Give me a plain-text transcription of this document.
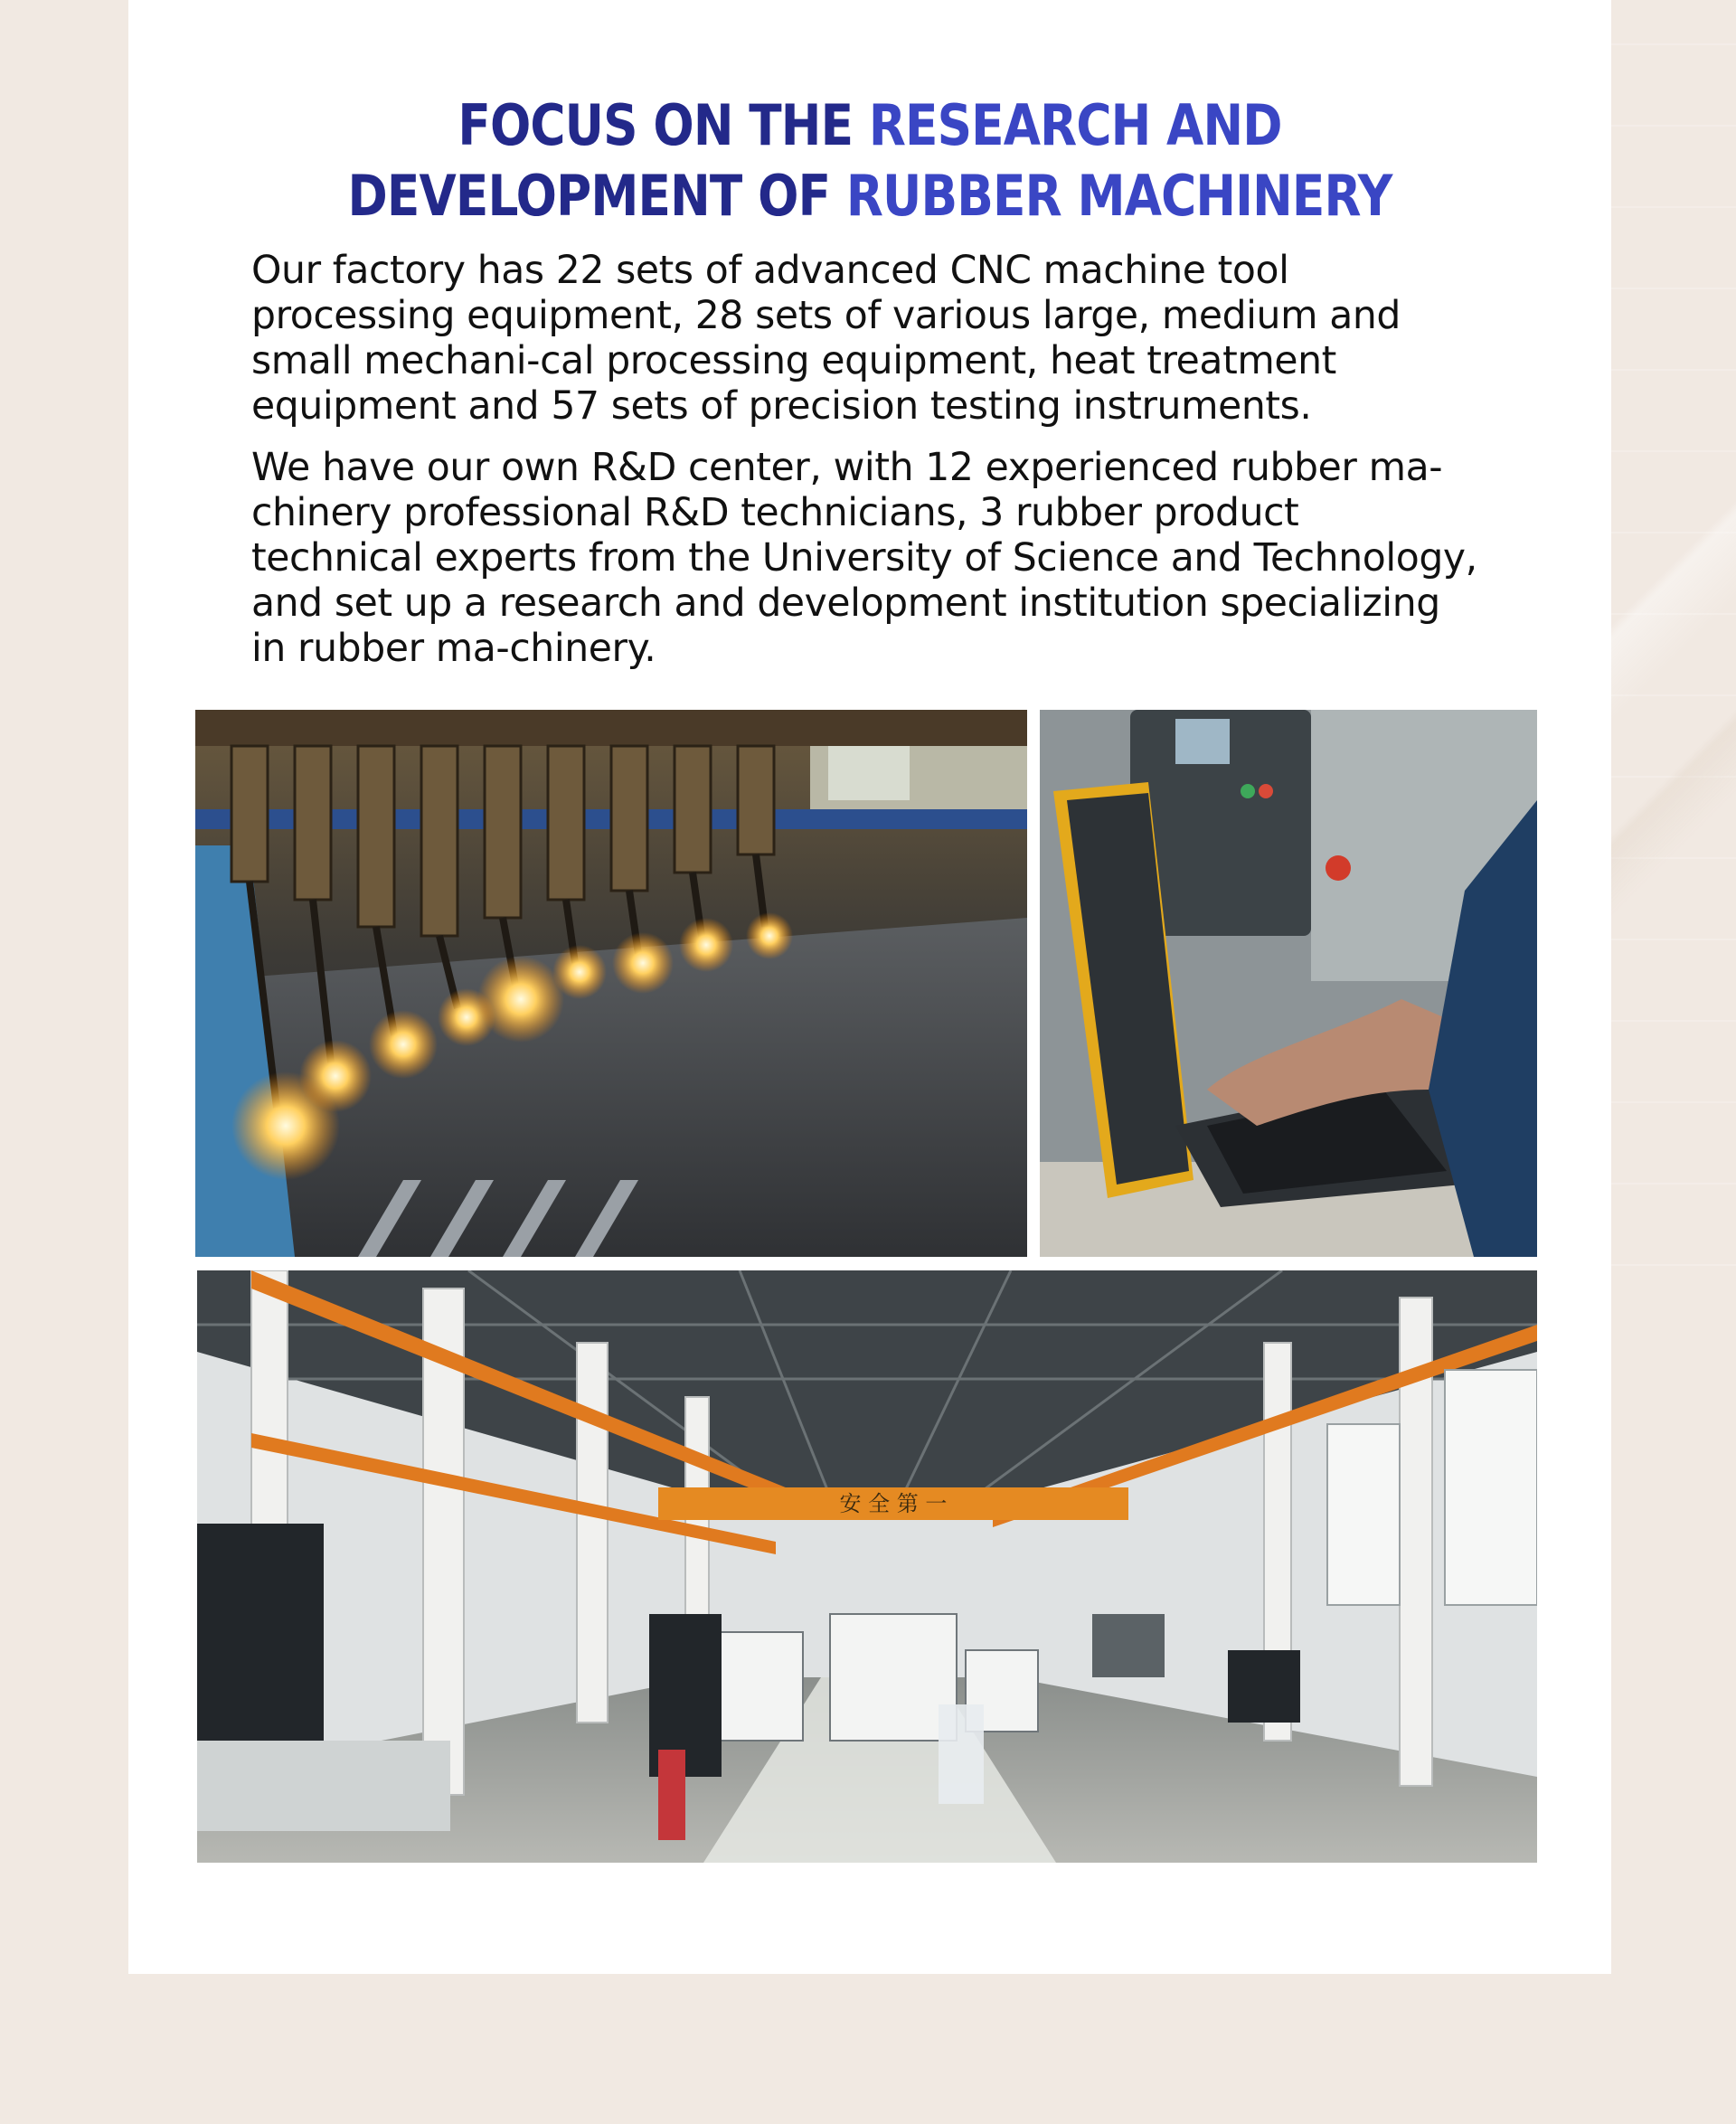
FOCUS ON THE RESEARCH AND
DEVELOPMENT OF RUBBER MACHINERY

Our factory has 22 sets of advanced CNC machine tool processing equipment, 28 sets of various large, medium and small mechani-cal processing equipment, heat treatment equipment and 57 sets of precision testing instruments.

We have our own R&D center, with 12 experienced rubber ma-chinery professional R&D technicians, 3 rubber product technical experts from the University of Science and Technology, and set up a research and development institution specializing in rubber ma-chinery.

安 全 第 一
